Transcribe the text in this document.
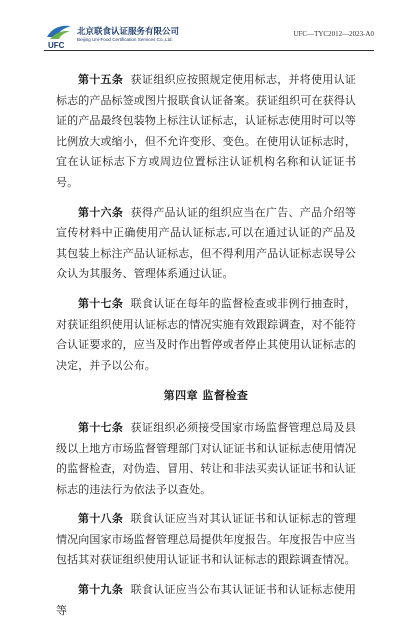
UFC
北京联食认证服务有限公司
Beijing Uni-Food Certification Services Co.,Ltd.
UFC—TYC2012—2023-A0

第十五条 获证组织应按照规定使用标志，并将使用认证标志的产品标签或图片报联食认证备案。获证组织可在获得认证的产品最终包装物上标注认证标志，认证标志使用时可以等比例放大或缩小，但不允许变形、变色。在使用认证标志时，宜在认证标志下方或周边位置标注认证机构名称和认证证书号。

第十六条 获得产品认证的组织应当在广告、产品介绍等宣传材料中正确使用产品认证标志,可以在通过认证的产品及其包装上标注产品认证标志，但不得利用产品认证标志误导公众认为其服务、管理体系通过认证。

第十七条 联食认证在每年的监督检查或非例行抽查时，对获证组织使用认证标志的情况实施有效跟踪调查，对不能符合认证要求的，应当及时作出暂停或者停止其使用认证标志的决定，并予以公布。

第四章 监督检查

第十七条 获证组织必须接受国家市场监督管理总局及县级以上地方市场监督管理部门对认证证书和认证标志使用情况的监督检查，对伪造、冒用、转让和非法买卖认证证书和认证标志的违法行为依法予以查处。

第十八条 联食认证应当对其认证证书和认证标志的管理情况向国家市场监督管理总局提供年度报告。年度报告中应当包括其对获证组织使用认证证书和认证标志的跟踪调查情况。

第十九条 联食认证应当公布其认证证书和认证标志使用等
